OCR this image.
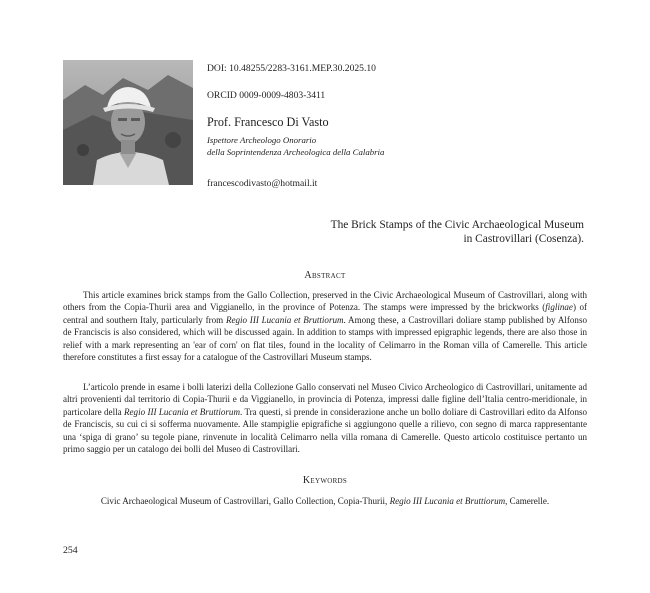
DOI: 10.48255/2283-3161.MEP.30.2025.10
ORCID 0009-0009-4803-3411
Prof. Francesco Di Vasto
Ispettore Archeologo Onorario
della Soprintendenza Archeologica della Calabria
francescodivasto@hotmail.it
The Brick Stamps of the Civic Archaeological Museum
in Castrovillari (Cosenza).
Abstract

This article examines brick stamps from the Gallo Collection, preserved in the Civic Archaeological Museum of Castrovillari, along with others from the Copia-Thurii area and Viggianello, in the province of Potenza. The stamps were impressed by the brickworks (figlinae) of central and southern Italy, particularly from Regio III Lucania et Bruttiorum. Among these, a Castrovillari doliare stamp published by Alfonso de Franciscis is also considered, which will be discussed again. In addition to stamps with impressed epigraphic legends, there are also those in relief with a mark representing an 'ear of corn' on flat tiles, found in the locality of Celimarro in the Roman villa of Camerelle. This article therefore constitutes a first essay for a catalogue of the Castrovillari Museum stamps.

L’articolo prende in esame i bolli laterizi della Collezione Gallo conservati nel Museo Civico Archeologico di Castrovillari, unitamente ad altri provenienti dal territorio di Copia-Thurii e da Viggianello, in provincia di Potenza, impressi dalle figline dell’Italia centro-meridionale, in particolare della Regio III Lucania et Bruttiorum. Tra questi, si prende in considerazione anche un bollo doliare di Castrovillari edito da Alfonso de Franciscis, su cui ci si sofferma nuovamente. Alle stampiglie epigrafiche si aggiungono quelle a rilievo, con segno di marca rappresentante una ‘spiga di grano’ su tegole piane, rinvenute in località Celimarro nella villa romana di Camerelle. Questo articolo costituisce pertanto un primo saggio per un catalogo dei bolli del Museo di Castrovillari.

Keywords
Civic Archaeological Museum of Castrovillari, Gallo Collection, Copia-Thurii, Regio III Lucania et Bruttiorum, Camerelle.
254
